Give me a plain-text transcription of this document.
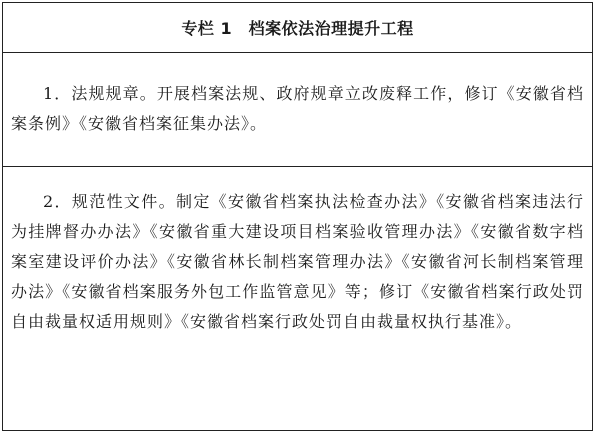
专栏 1　档案依法治理提升工程

1．法规规章。开展档案法规、政府规章立改废释工作，修订《安徽省档案条例》《安徽省档案征集办法》。

2．规范性文件。制定《安徽省档案执法检查办法》《安徽省档案违法行为挂牌督办办法》《安徽省重大建设项目档案验收管理办法》《安徽省数字档案室建设评价办法》《安徽省林长制档案管理办法》《安徽省河长制档案管理办法》《安徽省档案服务外包工作监管意见》等；修订《安徽省档案行政处罚自由裁量权适用规则》《安徽省档案行政处罚自由裁量权执行基准》。
